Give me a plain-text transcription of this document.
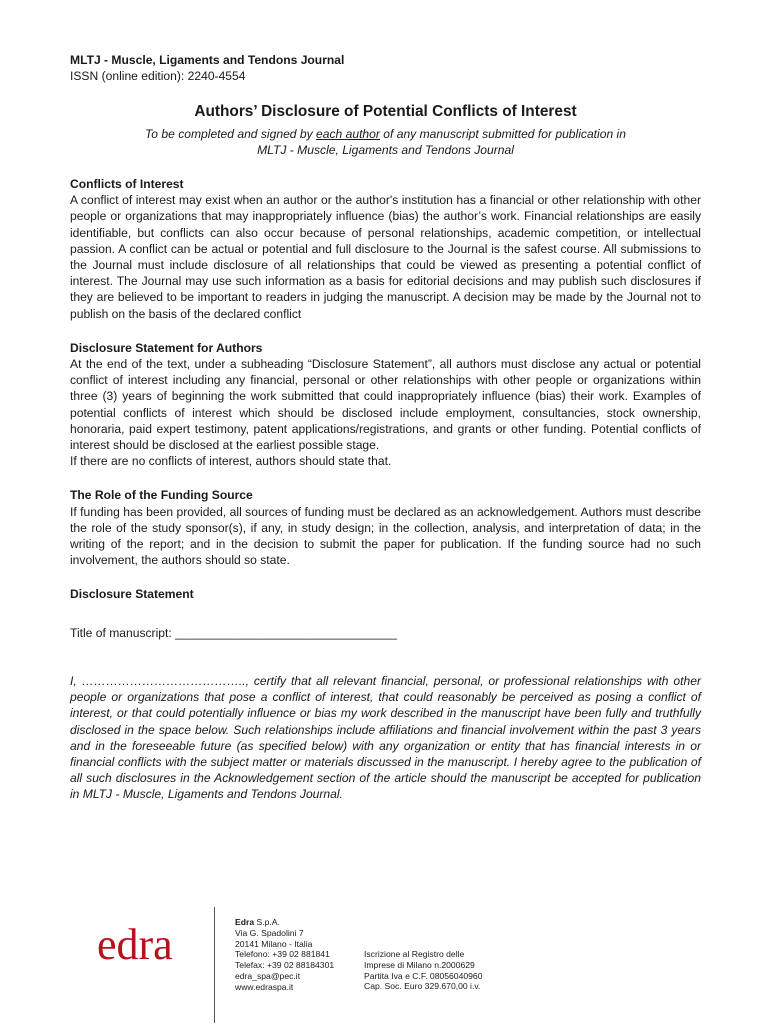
MLTJ - Muscle, Ligaments and Tendons Journal

ISSN (online edition): 2240-4554

Authors’ Disclosure of Potential Conflicts of Interest

To be completed and signed by each author of any manuscript submitted for publication in
MLTJ - Muscle, Ligaments and Tendons Journal

Conflicts of Interest

A conflict of interest may exist when an author or the author's institution has a financial or other relationship with other people or organizations that may inappropriately influence (bias) the author’s work. Financial relationships are easily identifiable, but conflicts can also occur because of personal relationships, academic competition, or intellectual passion. A conflict can be actual or potential and full disclosure to the Journal is the safest course. All submissions to the Journal must include disclosure of all relationships that could be viewed as presenting a potential conflict of interest. The Journal may use such information as a basis for editorial decisions and may publish such disclosures if they are believed to be important to readers in judging the manuscript. A decision may be made by the Journal not to publish on the basis of the declared conflict

Disclosure Statement for Authors

At the end of the text, under a subheading “Disclosure Statement”, all authors must disclose any actual or potential conflict of interest including any financial, personal or other relationships with other people or organizations within three (3) years of beginning the work submitted that could inappropriately influence (bias) their work. Examples of potential conflicts of interest which should be disclosed include employment, consultancies, stock ownership, honoraria, paid expert testimony, patent applications/registrations, and grants or other funding. Potential conflicts of interest should be disclosed at the earliest possible stage.

If there are no conflicts of interest, authors should state that.

The Role of the Funding Source

If funding has been provided, all sources of funding must be declared as an acknowledgement. Authors must describe the role of the study sponsor(s), if any, in study design; in the collection, analysis, and interpretation of data; in the writing of the report; and in the decision to submit the paper for publication. If the funding source had no such involvement, the authors should so state.

Disclosure Statement

Title of manuscript: _________________________________

I, ………………………………….., certify that all relevant financial, personal, or professional relationships with other people or organizations that pose a conflict of interest, that could reasonably be perceived as posing a conflict of interest, or that could potentially influence or bias my work described in the manuscript have been fully and truthfully disclosed in the space below. Such relationships include affiliations and financial involvement within the past 3 years and in the foreseeable future (as specified below) with any organization or entity that has financial interests in or financial conflicts with the subject matter or materials discussed in the manuscript. I hereby agree to the publication of all such disclosures in the Acknowledgement section of the article should the manuscript be accepted for publication in MLTJ - Muscle, Ligaments and Tendons Journal.

edra	Edra S.p.A.
Via G. Spadolini 7
20141 Milano - Italia
Telefono: +39 02 881841
Telefax: +39 02 88184301
edra_spa@pec.it
www.edraspa.it
Iscrizione al Registro delle
Imprese di Milano n.2000629
Partita Iva e C.F. 08056040960
Cap. Soc. Euro 329.670,00 i.v.
